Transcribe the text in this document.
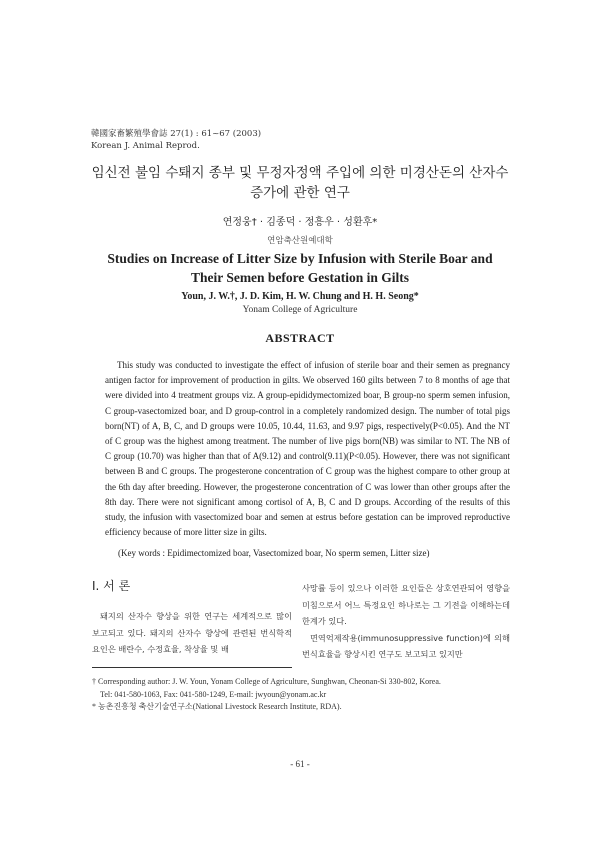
韓國家畜繁殖學會誌 27(1) : 61~67 (2003)
Korean J. Animal Reprod.
임신전 불임 수퇘지 종부 및 무정자정액 주입에 의한 미경산돈의 산자수
증가에 관한 연구
연정웅† · 김종덕 · 정흥우 · 성환후*
연암축산원예대학
Studies on Increase of Litter Size by Infusion with Sterile Boar and
Their Semen before Gestation in Gilts
Youn, J. W.†, J. D. Kim, H. W. Chung and H. H. Seong*
Yonam College of Agriculture
ABSTRACT

This study was conducted to investigate the effect of infusion of sterile boar and their semen as pregnancy antigen factor for improvement of production in gilts. We observed 160 gilts between 7 to 8 months of age that were divided into 4 treatment groups viz. A group-epididymectomized boar, B group-no sperm semen infusion, C group-vasectomized boar, and D group-control in a completely randomized design. The number of total pigs born(NT) of A, B, C, and D groups were 10.05, 10.44, 11.63, and 9.97 pigs, respectively(P<0.05). And the NT of C group was the highest among treatment. The number of live pigs born(NB) was similar to NT. The NB of C group (10.70) was higher than that of A(9.12) and control(9.11)(P<0.05). However, there was not significant between B and C groups. The progesterone concentration of C group was the highest compare to other group at the 6th day after breeding. However, the progesterone concentration of C was lower than other groups after the 8th day. There were not significant among cortisol of A, B, C and D groups. According of the results of this study, the infusion with vasectomized boar and semen at estrus before gestation can be improved reproductive efficiency because of more litter size in gilts.

(Key words : Epidimectomized boar, Vasectomized boar, No sperm semen, Litter size)
Ⅰ. 서 론

돼지의 산자수 향상을 위한 연구는 세계적으로 많이 보고되고 있다. 돼지의 산자수 향상에 관련된 번식학적 요인은 배란수, 수정효율, 착상율 및 배

사망률 등이 있으나 이러한 요인들은 상호연관되어 영향을 미침으로서 어느 특정요인 하나로는 그 기전을 이해하는데 한계가 있다.

면역억제작용(immunosuppressive function)에 의해 번식효율을 향상시킨 연구도 보고되고 있지만

† Corresponding author: J. W. Youn, Yonam College of Agriculture, Sunghwan, Cheonan-Si 330-802, Korea.
Tel: 041-580-1063, Fax: 041-580-1249, E-mail: jwyoun@yonam.ac.kr
* 농촌진흥청 축산기술연구소(National Livestock Research Institute, RDA).
- 61 -
